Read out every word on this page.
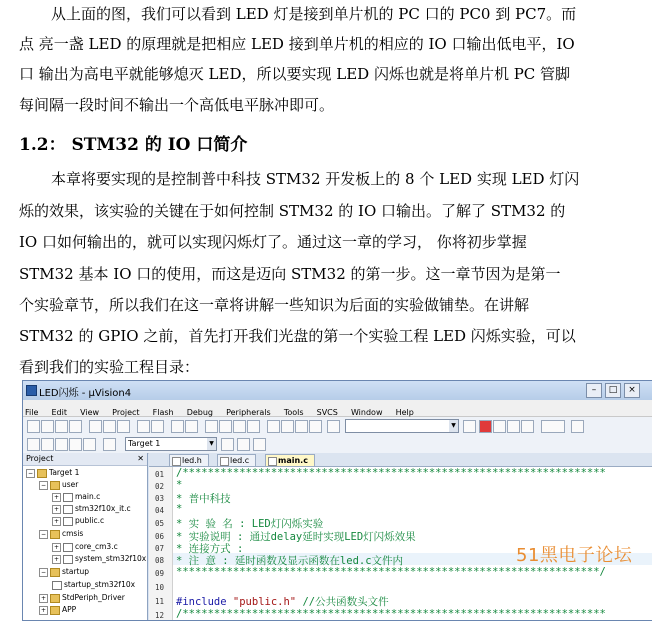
从上面的图，我们可以看到 LED 灯是接到单片机的 PC 口的 PC0 到 PC7。而
点 亮一盏 LED 的原理就是把相应 LED 接到单片机的相应的 IO 口输出低电平，IO
口 输出为高电平就能够熄灭 LED，所以要实现 LED 闪烁也就是将单片机 PC 管脚
每间隔一段时间不输出一个高低电平脉冲即可。
1.2： STM32 的 IO 口简介
本章将要实现的是控制普中科技 STM32 开发板上的 8 个 LED 实现 LED 灯闪
烁的效果，该实验的关键在于如何控制 STM32 的 IO 口输出。了解了 STM32 的
IO 口如何输出的，就可以实现闪烁灯了。通过这一章的学习， 你将初步掌握
STM32 基本 IO 口的使用，而这是迈向 STM32 的第一步。这一章节因为是第一
个实验章节，所以我们在这一章将讲解一些知识为后面的实验做铺垫。在讲解
STM32 的 GPIO 之前，首先打开我们光盘的第一个实验工程 LED 闪烁实验，可以
看到我们的实验工程目录：
LED闪烁 - μVision4	–	□	×
File Edit View Project Flash Debug Peripherals Tools SVCS Window Help
▼
Target 1	▼
Project	✕
− Target 1
− user
+ main.c
+ stm32f10x_it.c
+ public.c
− cmsis
+ core_cm3.c
+ system_stm32f10x
− startup
startup_stm32f10x
+ StdPeriph_Driver
+ APP
led.h	led.c	main.c
01
02
03
04
05
06
07
08
09
10
11
12
/*******************************************************************
*
* 普中科技
*
* 实 验 名 : LED灯闪烁实验
* 实验说明 : 通过delay延时实现LED灯闪烁效果
* 连接方式 :
* 注 意 : 延时函数及显示函数在led.c文件内
*******************************************************************/
#include "public.h" //公共函数头文件
/*******************************************************************
51黑电子论坛
